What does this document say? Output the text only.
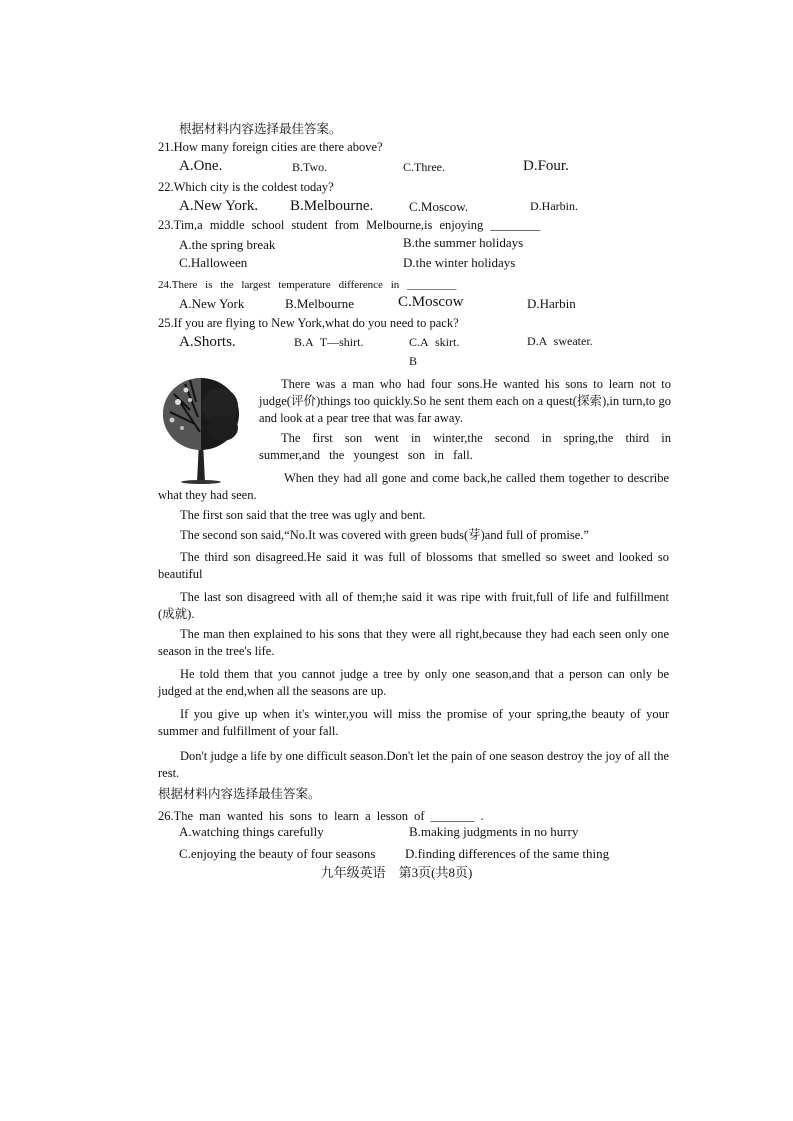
根据材料内容选择最佳答案。
21.How many foreign cities are there above?
A.One.	B.Two.	C.Three.	D.Four.
22.Which city is the coldest today?
A.New York. B.Melbourne.	C.Moscow.	D.Harbin.
23.Tim,a middle school student from Melbourne,is enjoying ________
A.the spring break	B.the summer holidays
C.Halloween	D.the winter holidays
24.There is the largest temperature difference in _________
A.New York	B.Melbourne	C.Moscow	D.Harbin
25.If you are flying to New York,what do you need to pack?
A.Shorts.	B.A T—shirt.	C.A skirt.	D.A sweater.
B
There was a man who had four sons.He wanted his sons to learn not to judge(评价)things too quickly.So he sent them each on a quest(探索),in turn,to go and look at a pear tree that was far away.
The first son went in winter,the second in spring,the third in summer,and the youngest son in fall.
When they had all gone and come back,he called them together to describe what they had seen.
The first son said that the tree was ugly and bent.
The second son said,“No.It was covered with green buds(芽)and full of promise.”
The third son disagreed.He said it was full of blossoms that smelled so sweet and looked so beautiful
The last son disagreed with all of them;he said it was ripe with fruit,full of life and fulfillment (成就).
The man then explained to his sons that they were all right,because they had each seen only one season in the tree's life.
He told them that you cannot judge a tree by only one season,and that a person can only be judged at the end,when all the seasons are up.
If you give up when it's winter,you will miss the promise of your spring,the beauty of your summer and fulfillment of your fall.
Don't judge a life by one difficult season.Don't let the pain of one season destroy the joy of all the rest.
根据材料内容选择最佳答案。
26.The man wanted his sons to learn a lesson of _______ .
A.watching things carefully	B.making judgments in no hurry
C.enjoying the beauty of four seasons D.finding differences of the same thing
九年级英语　第3页(共8页)
